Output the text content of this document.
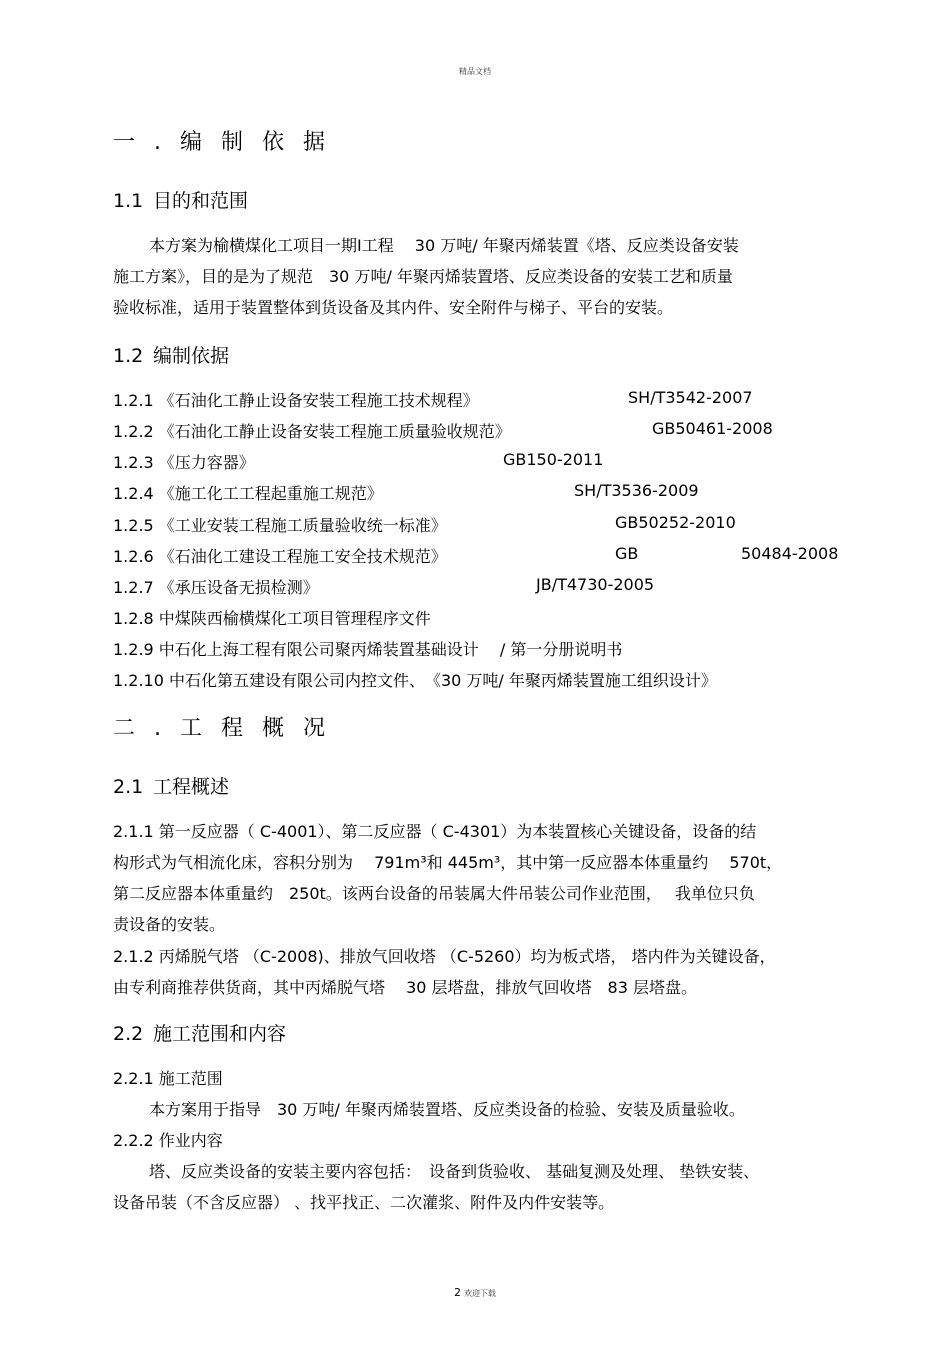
精品文档
一 . 编 制 依 据
1.1 目的和范围
本方案为榆横煤化工项目一期Ⅰ工程　 30 万吨/ 年聚丙烯装置《塔、反应类设备安装
施工方案》，目的是为了规范　30 万吨/ 年聚丙烯装置塔、反应类设备的安装工艺和质量
验收标准，适用于装置整体到货设备及其内件、安全附件与梯子、平台的安装。
1.2 编制依据
1.2.1 《石油化工静止设备安装工程施工技术规程》	SH/T3542-2007
1.2.2 《石油化工静止设备安装工程施工质量验收规范》	GB50461-2008
1.2.3 《压力容器》	GB150-2011
1.2.4 《施工化工工程起重施工规范》	SH/T3536-2009
1.2.5 《工业安装工程施工质量验收统一标准》	GB50252-2010
1.2.6 《石油化工建设工程施工安全技术规范》	GB	50484-2008
1.2.7 《承压设备无损检测》	JB/T4730-2005
1.2.8 中煤陕西榆横煤化工项目管理程序文件
1.2.9 中石化上海工程有限公司聚丙烯装置基础设计　 / 第一分册说明书
1.2.10 中石化第五建设有限公司内控文件、　《30 万吨/ 年聚丙烯装置施工组织设计》
二 . 工 程 概 况
2.1 工程概述
2.1.1 第一反应器（ C-4001）、第二反应器（ C-4301）为本装置核心关键设备，设备的结
构形式为气相流化床，容积分别为　 791m³和 445m³，其中第一反应器本体重量约　 570t，
第二反应器本体重量约　250t。该两台设备的吊装属大件吊装公司作业范围，　 我单位只负
责设备的安装。
2.1.2 丙烯脱气塔 （C-2008)、排放气回收塔 （C-5260）均为板式塔， 塔内件为关键设备，
由专利商推荐供货商，其中丙烯脱气塔　 30 层塔盘，排放气回收塔　83 层塔盘。
2.2 施工范围和内容
2.2.1 施工范围
本方案用于指导　30 万吨/ 年聚丙烯装置塔、反应类设备的检验、安装及质量验收。
2.2.2 作业内容
塔、反应类设备的安装主要内容包括：　设备到货验收、 基础复测及处理、 垫铁安装、
设备吊装（不含反应器） 、找平找正、二次灌浆、附件及内件安装等。
2 欢迎下载
